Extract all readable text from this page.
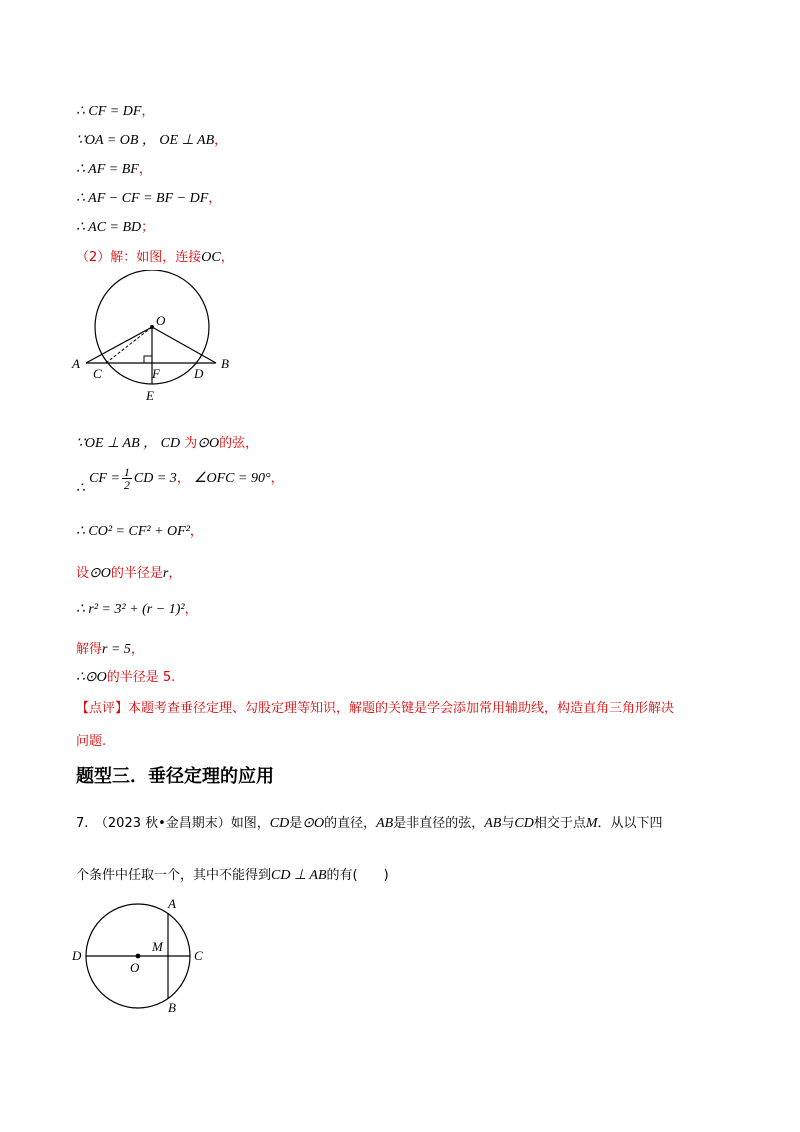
∴ CF = DF，
∵OA = OB ， OE ⊥ AB，
∴ AF = BF，
∴ AF − CF = BF − DF，
∴ AC = BD；
（2）解：如图，连接OC，
O
A	B
C	D
F
E
∵OE ⊥ AB ， CD 为⊙O的弦，
∴ CF = $\frac{1}{2}$ CD = 3， ∠OFC = 90°，
∴ CO² = CF² + OF²，
设⊙O的半径是r，
∴ r² = 3² + (r − 1)²，
解得r = 5，
∴⊙O的半径是 5.
【点评】本题考查垂径定理、勾股定理等知识，解题的关键是学会添加常用辅助线，构造直角三角形解决
问题.
题型三．垂径定理的应用
7.　（2023 秋•金昌期末）如图，CD是⊙O的直径，AB是非直径的弦，AB与CD相交于点M．从以下四
个条件中任取一个，其中不能得到CD ⊥ AB的有(　　)
A
B
C
D
M
O
